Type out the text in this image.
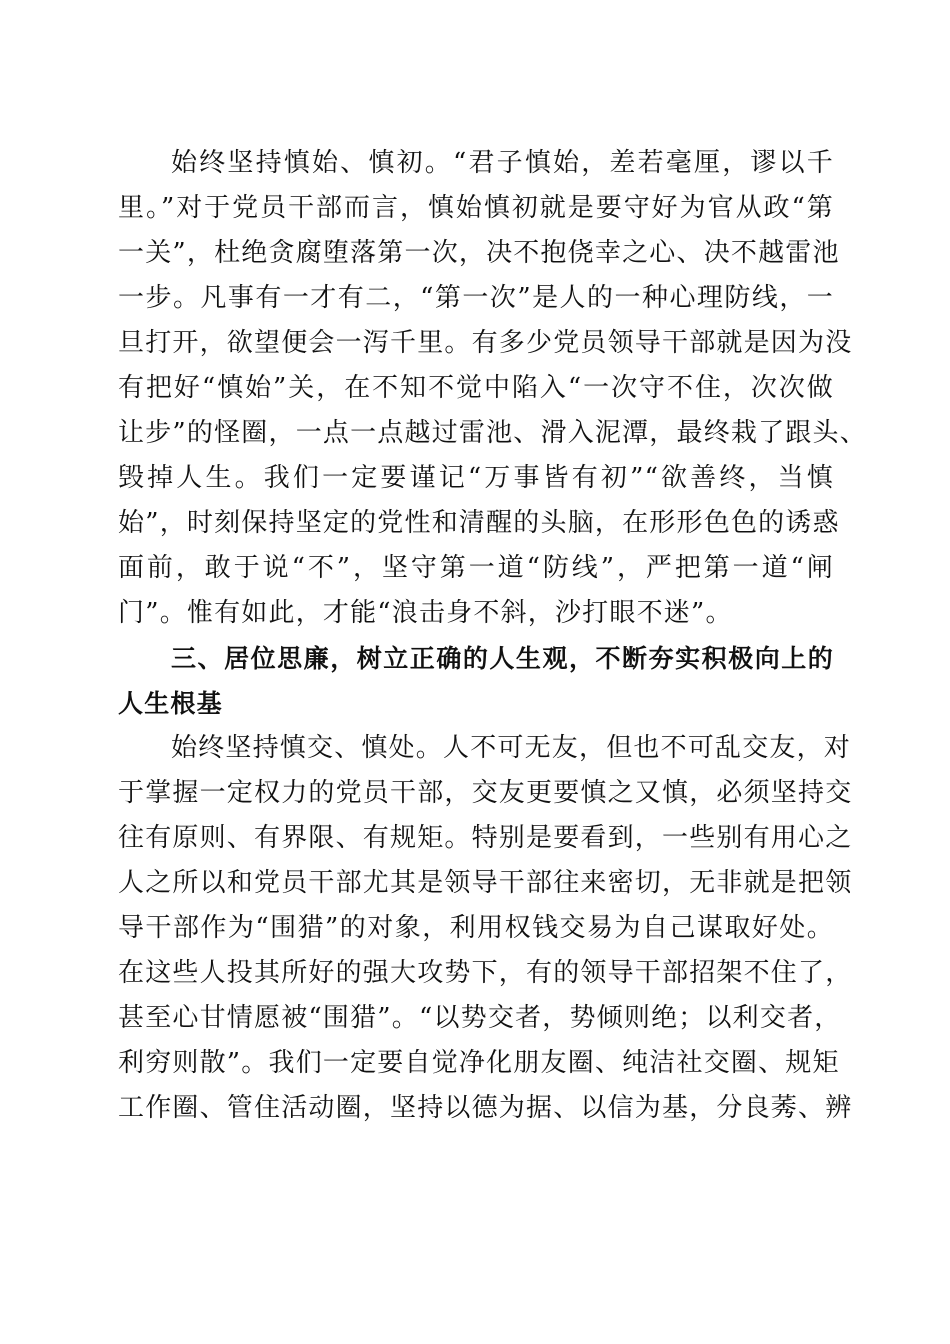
始终坚持慎始、慎初。“君子慎始，差若毫厘，谬以千
里。”对于党员干部而言，慎始慎初就是要守好为官从政“第
一关”，杜绝贪腐堕落第一次，决不抱侥幸之心、决不越雷池
一步。凡事有一才有二，“第一次”是人的一种心理防线，一
旦打开，欲望便会一泻千里。有多少党员领导干部就是因为没
有把好“慎始”关，在不知不觉中陷入“一次守不住，次次做
让步”的怪圈，一点一点越过雷池、滑入泥潭，最终栽了跟头、
毁掉人生。我们一定要谨记“万事皆有初”“欲善终，当慎
始”，时刻保持坚定的党性和清醒的头脑，在形形色色的诱惑
面前，敢于说“不”，坚守第一道“防线”，严把第一道“闸
门”。惟有如此，才能“浪击身不斜，沙打眼不迷”。
三、居位思廉，树立正确的人生观，不断夯实积极向上的
人生根基
始终坚持慎交、慎处。人不可无友，但也不可乱交友，对
于掌握一定权力的党员干部，交友更要慎之又慎，必须坚持交
往有原则、有界限、有规矩。特别是要看到，一些别有用心之
人之所以和党员干部尤其是领导干部往来密切，无非就是把领
导干部作为“围猎”的对象，利用权钱交易为自己谋取好处。
在这些人投其所好的强大攻势下，有的领导干部招架不住了，
甚至心甘情愿被“围猎”。“以势交者，势倾则绝；以利交者，
利穷则散”。我们一定要自觉净化朋友圈、纯洁社交圈、规矩
工作圈、管住活动圈，坚持以德为据、以信为基，分良莠、辨
